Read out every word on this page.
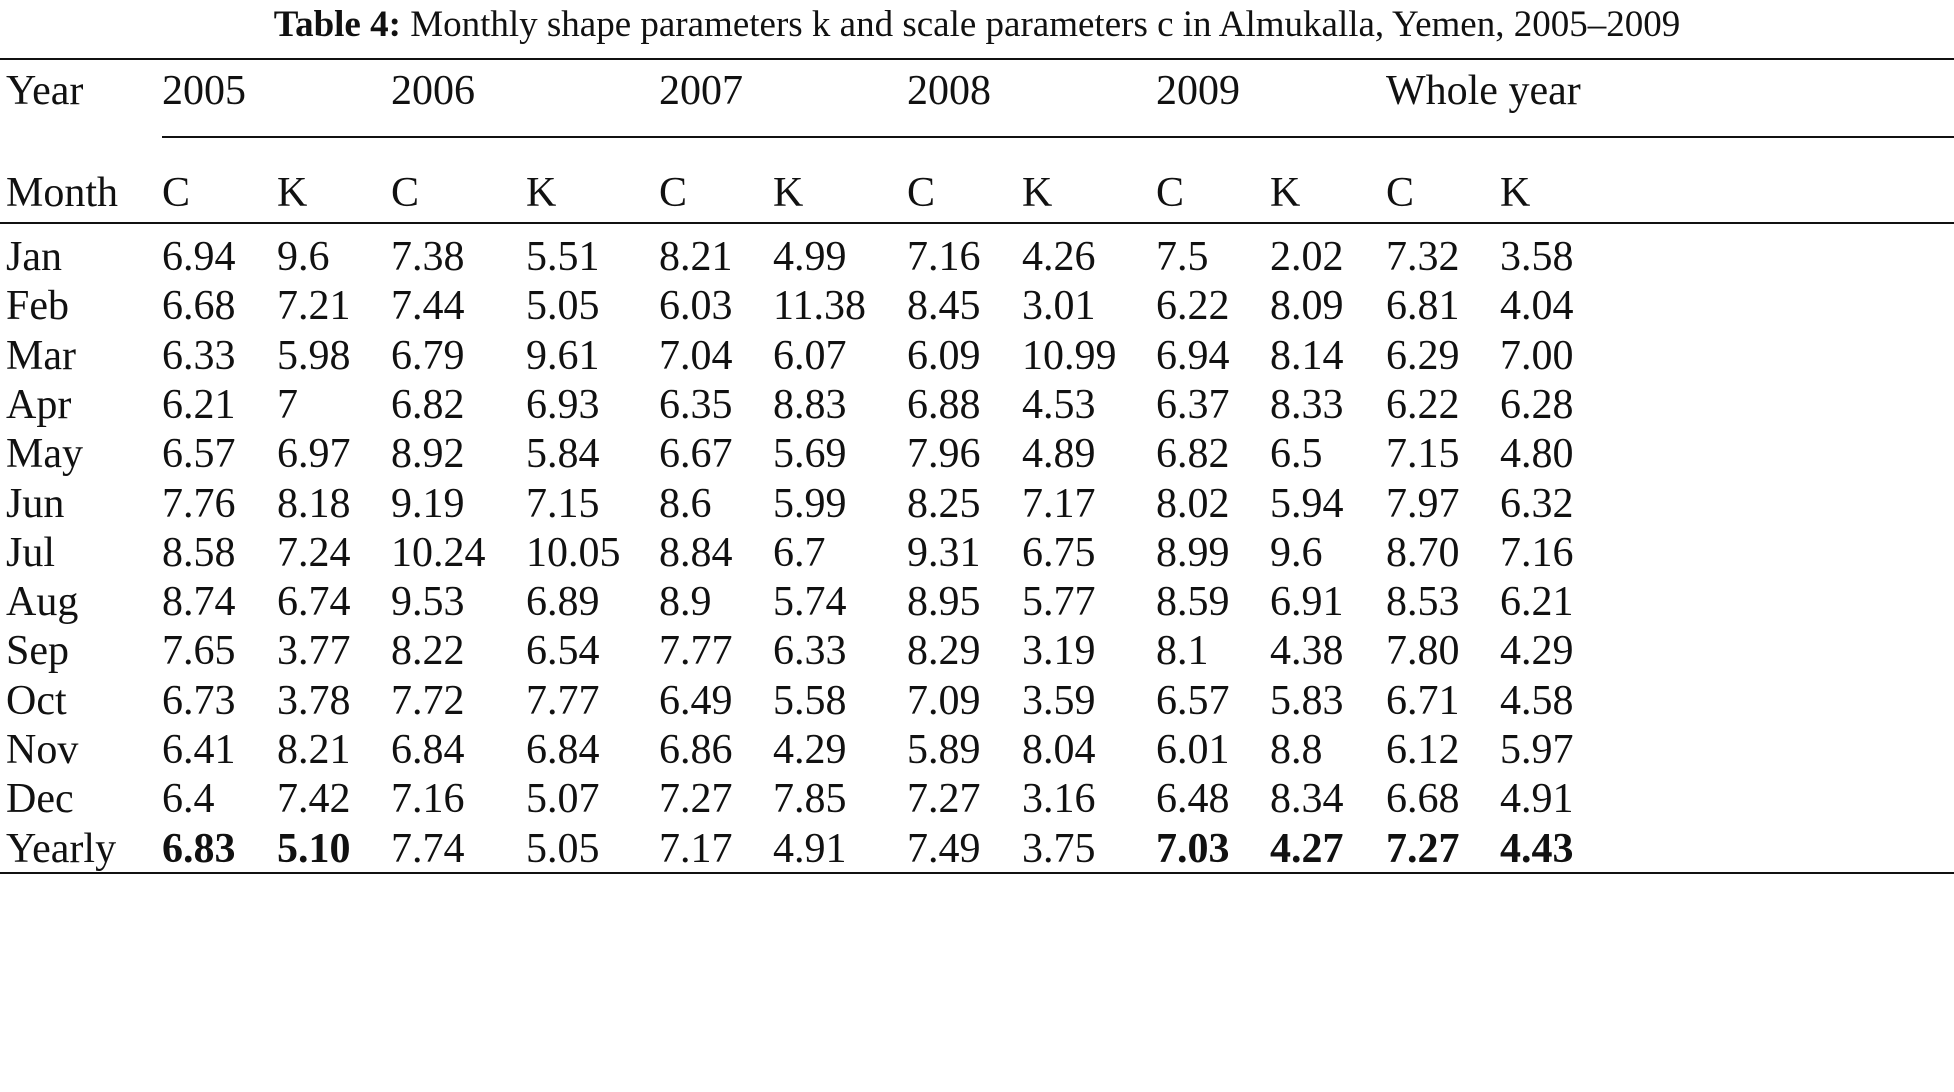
Table 4: Monthly shape parameters k and scale parameters c in Almukalla, Yemen, 2005–2009
Year 2005	2006	2007	2008	2009	Whole year
Month C K C	K C K C K C K C K
Jan 6.94 9.6 7.38 5.51 8.21 4.99 7.16 4.26 7.5 2.02 7.32 3.58
Feb 6.68 7.21 7.44 5.05 6.03 11.38 8.45 3.01 6.22 8.09 6.81 4.04
Mar 6.33 5.98 6.79 9.61 7.04 6.07 6.09 10.99 6.94 8.14 6.29 7.00
Apr 6.21 7 6.82 6.93 6.35 8.83 6.88 4.53 6.37 8.33 6.22 6.28
May 6.57 6.97 8.92 5.84 6.67 5.69 7.96 4.89 6.82 6.5 7.15 4.80
Jun 7.76 8.18 9.19 7.15 8.6 5.99 8.25 7.17 8.02 5.94 7.97 6.32
Jul	8.58 7.24 10.24 10.05 8.84 6.7 9.31 6.75 8.99 9.6 8.70 7.16
Aug 8.74 6.74 9.53 6.89 8.9 5.74 8.95 5.77 8.59 6.91 8.53 6.21
Sep 7.65 3.77 8.22 6.54 7.77 6.33 8.29 3.19 8.1 4.38 7.80 4.29
Oct 6.73 3.78 7.72 7.77 6.49 5.58 7.09 3.59 6.57 5.83 6.71 4.58
Nov 6.41 8.21 6.84 6.84 6.86 4.29 5.89 8.04 6.01 8.8 6.12 5.97
Dec 6.4 7.42 7.16 5.07 7.27 7.85 7.27 3.16 6.48 8.34 6.68 4.91
Yearly 6.83 5.10 7.74 5.05 7.17 4.91 7.49 3.75 7.03 4.27 7.27 4.43
